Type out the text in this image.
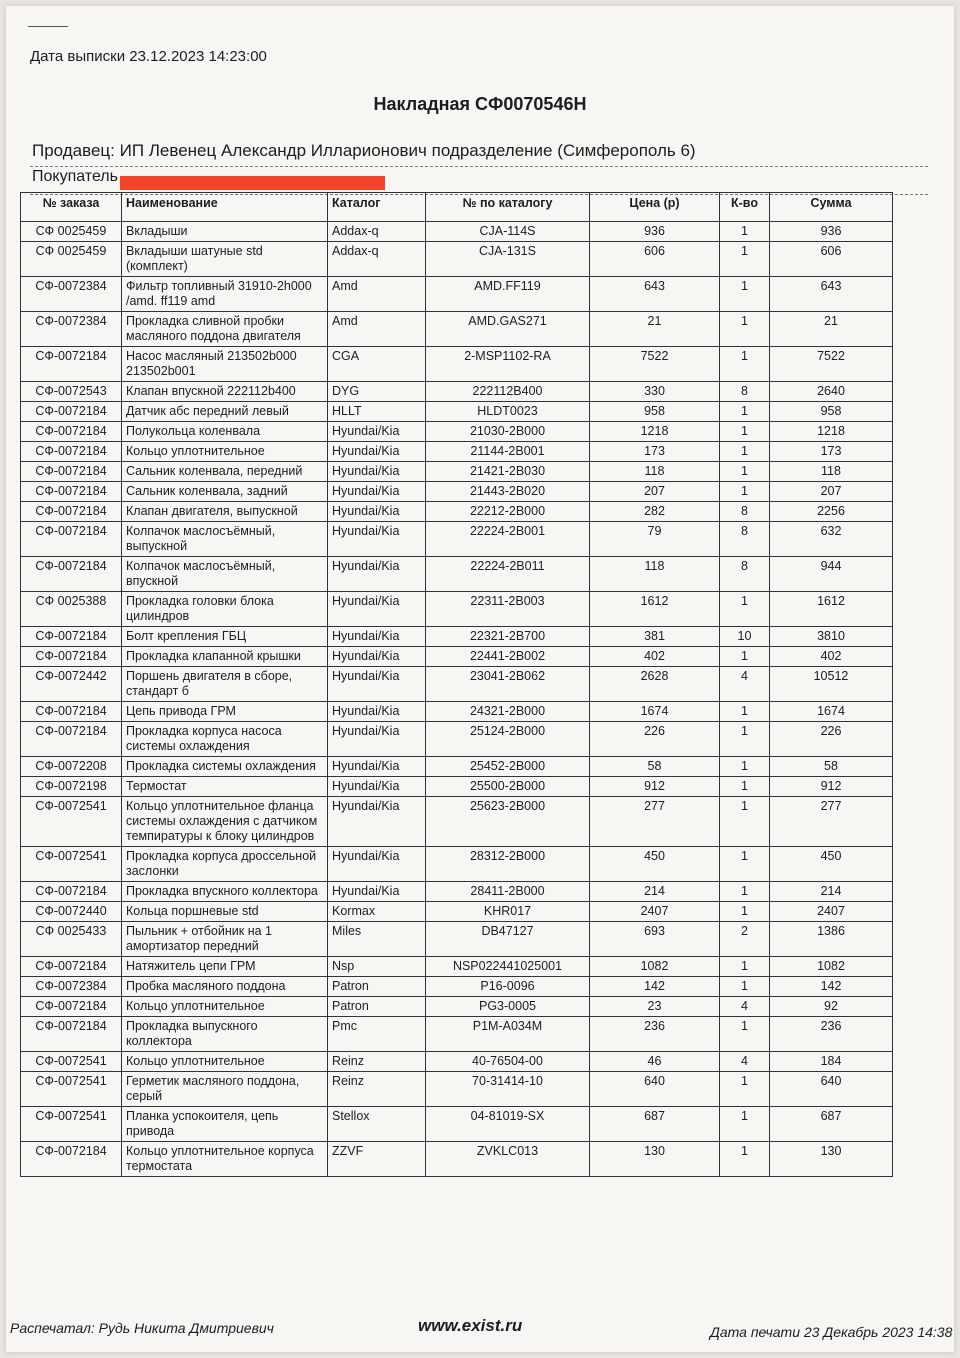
Дата выписки 23.12.2023 14:23:00
Накладная СФ0070546Н
Продавец: ИП Левенец Александр Илларионович подразделение (Симферополь 6)
Покупатель
№ заказа	Наименование	Каталог	№ по каталогу	Цена (р)	К-во	Сумма
СФ 0025459	Вкладыши	Addax-q	CJA-114S	936	1	936
СФ 0025459	Вкладыши шатуные std (комплект)	Addax-q	CJA-131S	606	1	606
СФ-0072384	Фильтр топливный 31910-2h000 /amd. ff119 amd	Amd	AMD.FF119	643	1	643
СФ-0072384	Прокладка сливной пробки масляного поддона двигателя	Amd	AMD.GAS271	21	1	21
СФ-0072184	Насос масляный 213502b000 213502b001	CGA	2-MSP1102-RA	7522	1	7522
СФ-0072543	Клапан впускной 222112b400	DYG	222112B400	330	8	2640
СФ-0072184	Датчик абс передний левый	HLLT	HLDT0023	958	1	958
СФ-0072184	Полукольца коленвала	Hyundai/Kia	21030-2B000	1218	1	1218
СФ-0072184	Кольцо уплотнительное	Hyundai/Kia	21144-2B001	173	1	173
СФ-0072184	Сальник коленвала, передний	Hyundai/Kia	21421-2B030	118	1	118
СФ-0072184	Сальник коленвала, задний	Hyundai/Kia	21443-2B020	207	1	207
СФ-0072184	Клапан двигателя, выпускной	Hyundai/Kia	22212-2B000	282	8	2256
СФ-0072184	Колпачок маслосъёмный, выпускной	Hyundai/Kia	22224-2B001	79	8	632
СФ-0072184	Колпачок маслосъёмный, впускной	Hyundai/Kia	22224-2B011	118	8	944
СФ 0025388	Прокладка головки блока цилиндров	Hyundai/Kia	22311-2B003	1612	1	1612
СФ-0072184	Болт крепления ГБЦ	Hyundai/Kia	22321-2B700	381	10	3810
СФ-0072184	Прокладка клапанной крышки	Hyundai/Kia	22441-2B002	402	1	402
СФ-0072442	Поршень двигателя в сборе, стандарт б	Hyundai/Kia	23041-2B062	2628	4	10512
СФ-0072184	Цепь привода ГРМ	Hyundai/Kia	24321-2B000	1674	1	1674
СФ-0072184	Прокладка корпуса насоса системы охлаждения	Hyundai/Kia	25124-2B000	226	1	226
СФ-0072208	Прокладка системы охлаждения	Hyundai/Kia	25452-2B000	58	1	58
СФ-0072198	Термостат	Hyundai/Kia	25500-2B000	912	1	912
СФ-0072541	Кольцо уплотнительное фланца системы охлаждения с датчиком темпиратуры к блоку цилиндров	Hyundai/Kia	25623-2B000	277	1	277
СФ-0072541	Прокладка корпуса дроссельной заслонки	Hyundai/Kia	28312-2B000	450	1	450
СФ-0072184	Прокладка впускного коллектора	Hyundai/Kia	28411-2B000	214	1	214
СФ-0072440	Кольца поршневые std	Kormax	KHR017	2407	1	2407
СФ 0025433	Пыльник + отбойник на 1 амортизатор передний	Miles	DB47127	693	2	1386
СФ-0072184	Натяжитель цепи ГРМ	Nsp	NSP022441025001	1082	1	1082
СФ-0072384	Пробка масляного поддона	Patron	P16-0096	142	1	142
СФ-0072184	Кольцо уплотнительное	Patron	PG3-0005	23	4	92
СФ-0072184	Прокладка выпускного коллектора	Pmc	P1M-A034M	236	1	236
СФ-0072541	Кольцо уплотнительное	Reinz	40-76504-00	46	4	184
СФ-0072541	Герметик масляного поддона, серый	Reinz	70-31414-10	640	1	640
СФ-0072541	Планка успокоителя, цепь привода	Stellox	04-81019-SX	687	1	687
СФ-0072184	Кольцо уплотнительное корпуса термостата	ZZVF	ZVKLC013	130	1	130
Распечатал: Рудь Никита Дмитриевич	www.exist.ru	Дата печати 23 Декабрь 2023 14:38
